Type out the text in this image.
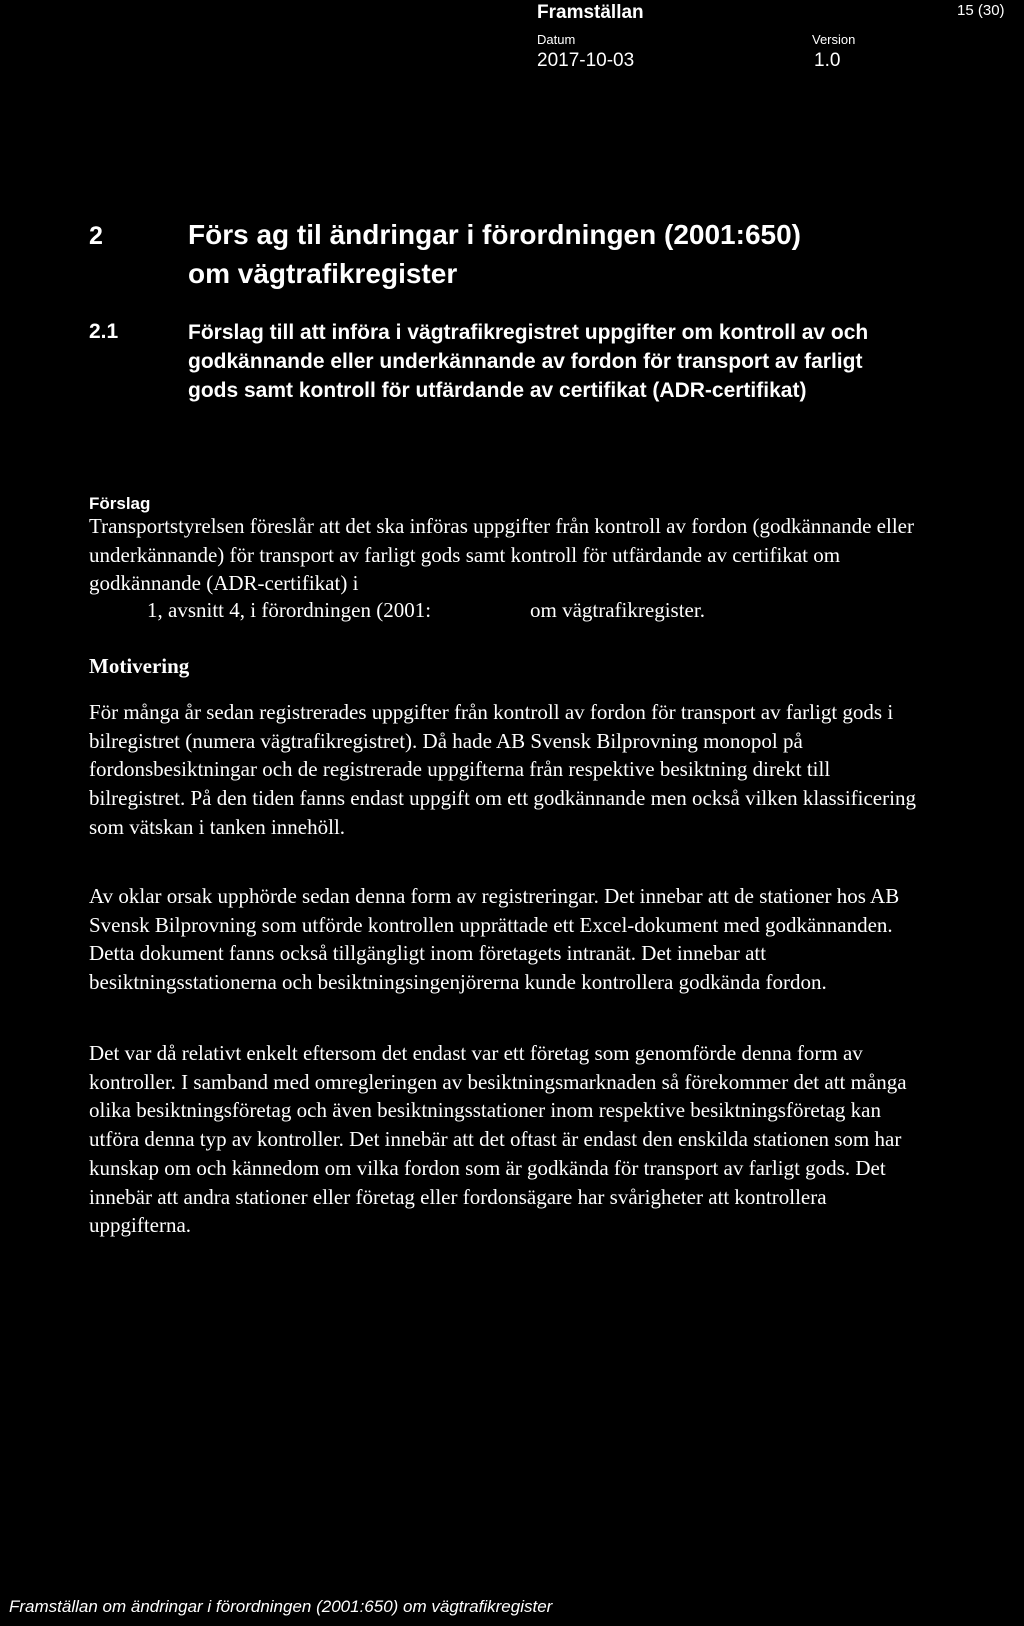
Framställan	15 (30)
Datum
2017-10-03
Version
1.0
2	Förs ag til ändringar i förordningen (2001:650) om vägtrafikregister
2.1	Förslag till att införa i vägtrafikregistret uppgifter om kontroll av och godkännande eller underkännande av fordon för transport av farligt gods samt kontroll för utfärdande av certifikat (ADR-certifikat)
Förslag
Transportstyrelsen föreslår att det ska införas uppgifter från kontroll av fordon (godkännande eller underkännande) för transport av farligt gods samt kontroll för utfärdande av certifikat om godkännande (ADR-certifikat) i
1, avsnitt 4, i förordningen (2001:	om vägtrafikregister.
Motivering
För många år sedan registrerades uppgifter från kontroll av fordon för transport av farligt gods i bilregistret (numera vägtrafikregistret). Då hade AB Svensk Bilprovning monopol på fordonsbesiktningar och de registrerade uppgifterna från respektive besiktning direkt till bilregistret. På den tiden fanns endast uppgift om ett godkännande men också vilken klassificering som vätskan i tanken innehöll.
Av oklar orsak upphörde sedan denna form av registreringar. Det innebar att de stationer hos AB Svensk Bilprovning som utförde kontrollen upprättade ett Excel-dokument med godkännanden. Detta dokument fanns också tillgängligt inom företagets intranät. Det innebar att besiktningsstationerna och besiktningsingenjörerna kunde kontrollera godkända fordon.
Det var då relativt enkelt eftersom det endast var ett företag som genomförde denna form av kontroller. I samband med omregleringen av besiktningsmarknaden så förekommer det att många olika besiktningsföretag och även besiktningsstationer inom respektive besiktningsföretag kan utföra denna typ av kontroller. Det innebär att det oftast är endast den enskilda stationen som har kunskap om och kännedom om vilka fordon som är godkända för transport av farligt gods. Det innebär att andra stationer eller företag eller fordonsägare har svårigheter att kontrollera uppgifterna.
Framställan om ändringar i förordningen (2001:650) om vägtrafikregister
